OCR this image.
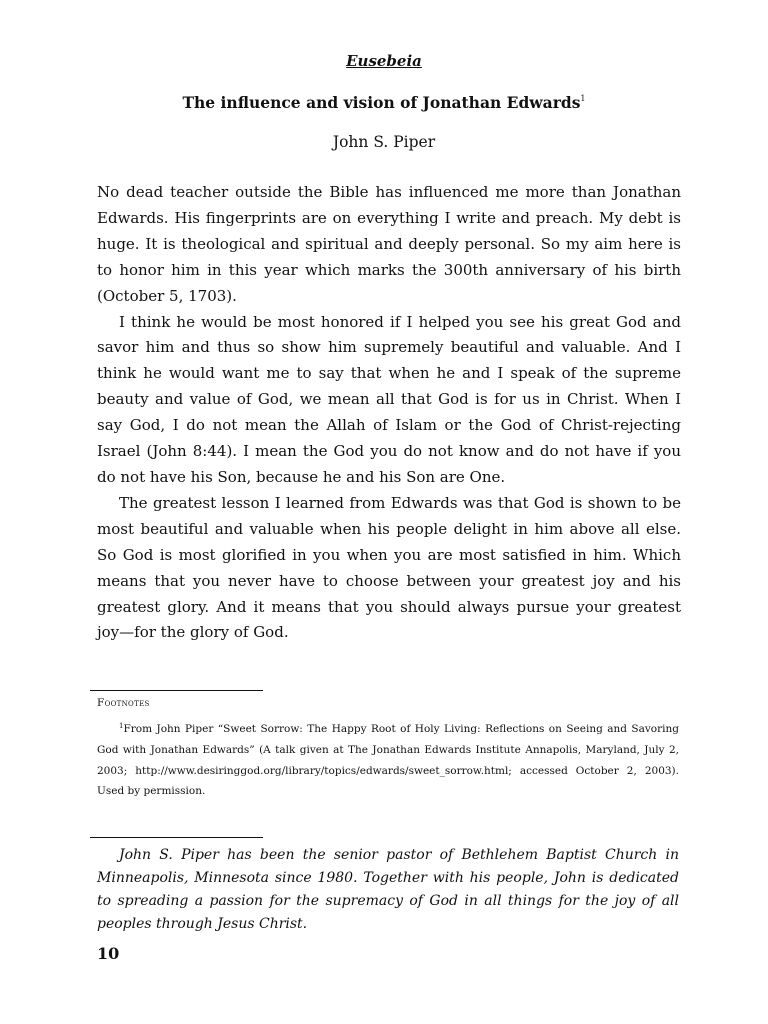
Eusebeia
The influence and vision of Jonathan Edwards$^1$
John S. Piper

No dead teacher outside the Bible has influenced me more than Jonathan Edwards. His fingerprints are on everything I write and preach. My debt is huge. It is theological and spiritual and deeply personal. So my aim here is to honor him in this year which marks the 300th anniversary of his birth (October 5, 1703).

I think he would be most honored if I helped you see his great God and savor him and thus so show him supremely beautiful and valuable. And I think he would want me to say that when he and I speak of the supreme beauty and value of God, we mean all that God is for us in Christ. When I say God, I do not mean the Allah of Islam or the God of Christ-rejecting Israel (John 8:44). I mean the God you do not know and do not have if you do not have his Son, because he and his Son are One.

The greatest lesson I learned from Edwards was that God is shown to be most beautiful and valuable when his people delight in him above all else. So God is most glorified in you when you are most satisfied in him. Which means that you never have to choose between your greatest joy and his greatest glory. And it means that you should always pursue your greatest joy—for the glory of God.

Footnotes

$^1$From John Piper “Sweet Sorrow: The Happy Root of Holy Living: Reflections on Seeing and Savoring God with Jonathan Edwards” (A talk given at The Jonathan Edwards Institute Annapolis, Maryland, July 2, 2003; http://www.desiringgod.org/library/topics/edwards/sweet_sorrow.html; accessed October 2, 2003). Used by permission.

John S. Piper has been the senior pastor of Bethlehem Baptist Church in Minneapolis, Minnesota since 1980. Together with his people, John is dedicated to spreading a passion for the supremacy of God in all things for the joy of all peoples through Jesus Christ.
10
